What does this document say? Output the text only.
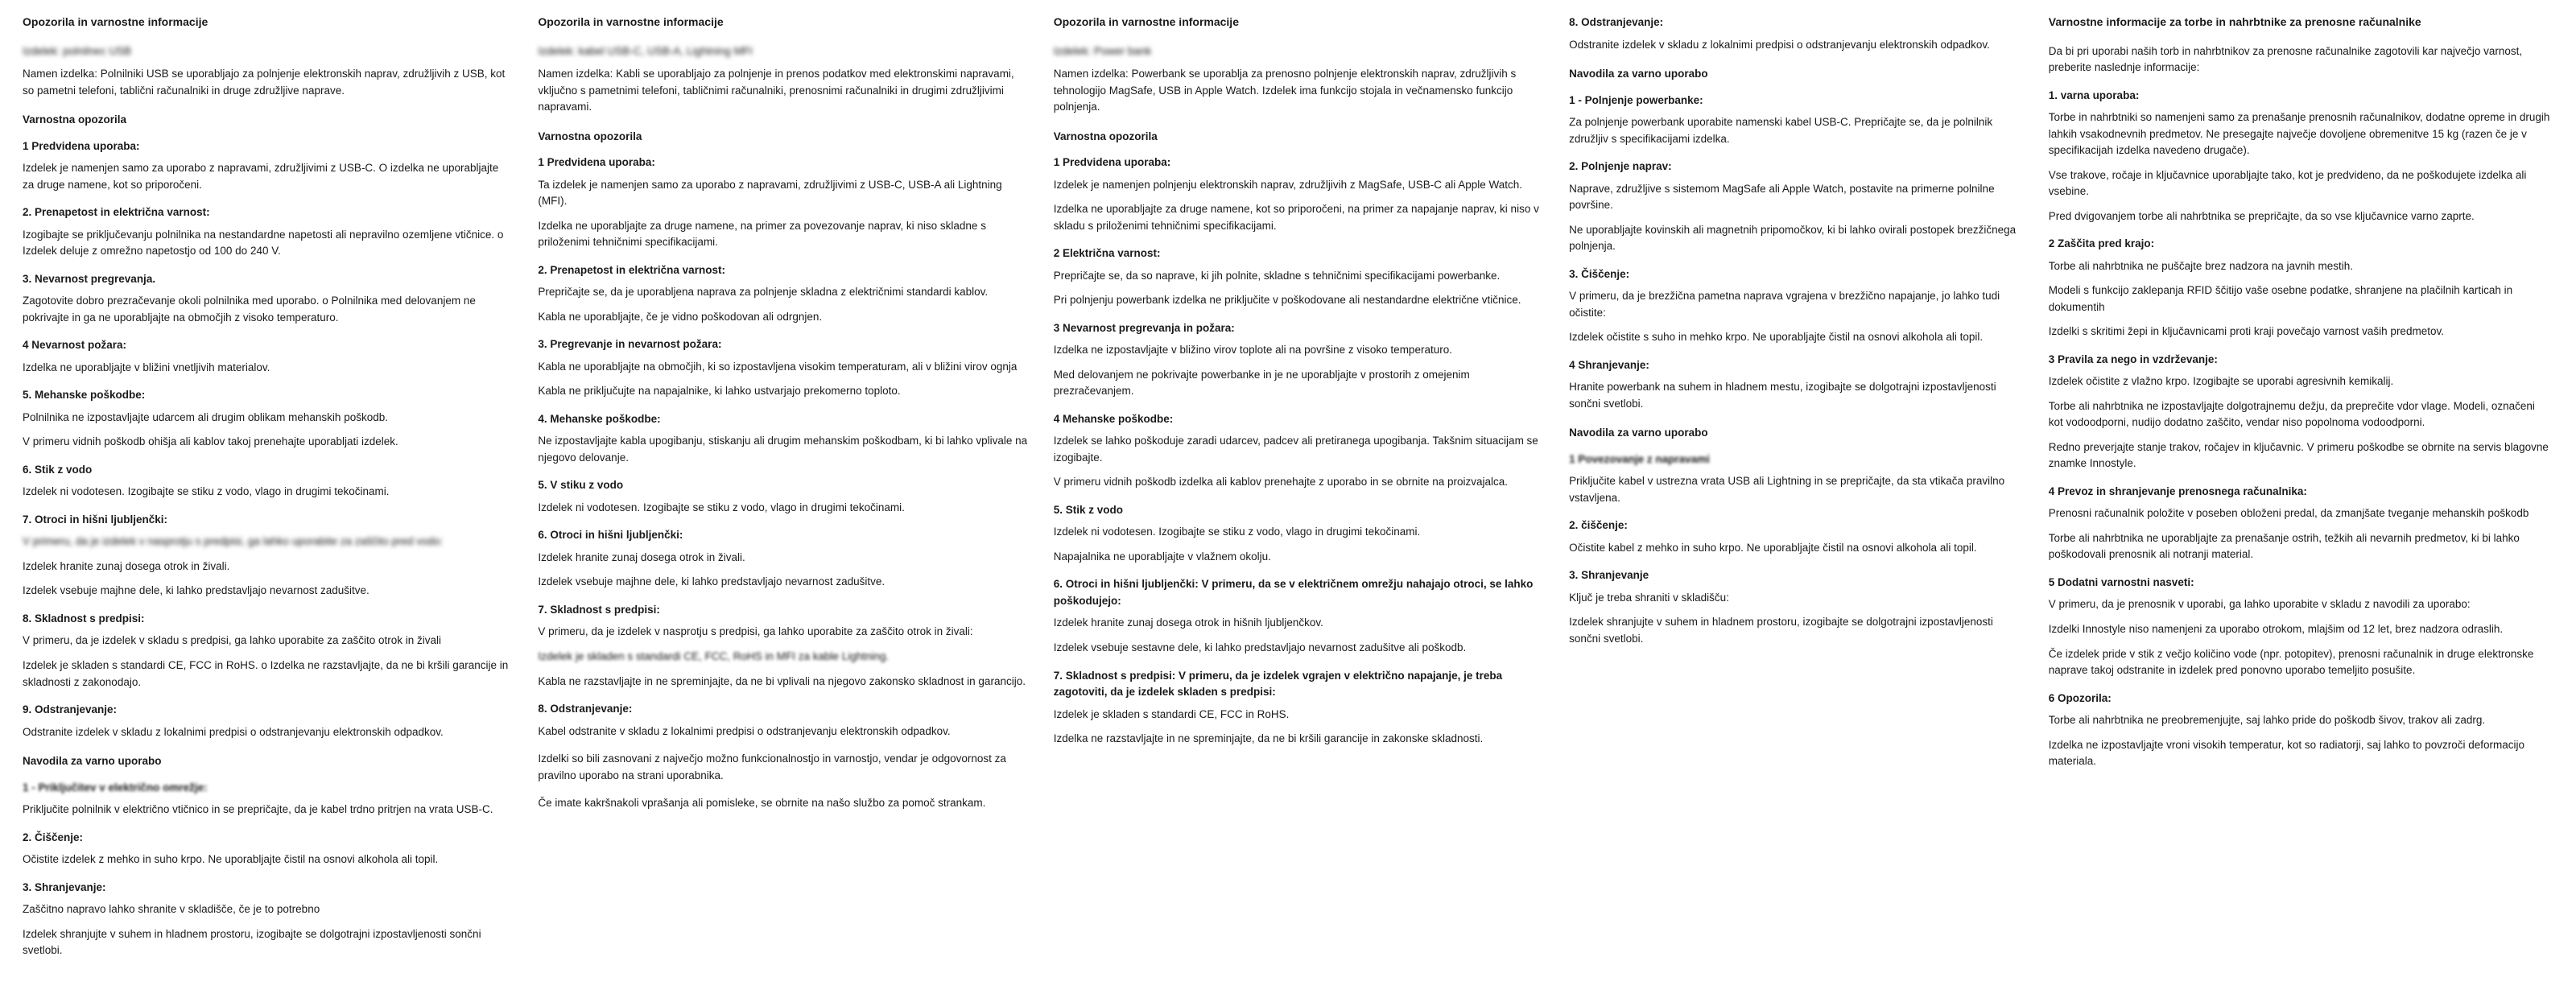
Opozorila in varnostne informacije
Izdelek: polnilnec USB
Namen izdelka: Polnilniki USB se uporabljajo za polnjenje elektronskih naprav, združljivih z USB, kot so pametni telefoni, tablični računalniki in druge združljive naprave.
Varnostna opozorila
1 Predvidena uporaba:
Izdelek je namenjen samo za uporabo z napravami, združljivimi z USB-C. O izdelka ne uporabljajte za druge namene, kot so priporočeni.
2. Prenapetost in električna varnost:
Izogibajte se priključevanju polnilnika na nestandardne napetosti ali nepravilno ozemljene vtičnice. o Izdelek deluje z omrežno napetostjo od 100 do 240 V.
3. Nevarnost pregrevanja.
Zagotovite dobro prezračevanje okoli polnilnika med uporabo. o Polnilnika med delovanjem ne pokrivajte in ga ne uporabljajte na območjih z visoko temperaturo.
4 Nevarnost požara:
Izdelka ne uporabljajte v bližini vnetljivih materialov.
5. Mehanske poškodbe:
Polnilnika ne izpostavljajte udarcem ali drugim oblikam mehanskih poškodb.
V primeru vidnih poškodb ohišja ali kablov takoj prenehajte uporabljati izdelek.
6. Stik z vodo
Izdelek ni vodotesen. Izogibajte se stiku z vodo, vlago in drugimi tekočinami.
7. Otroci in hišni ljubljenčki:
V primeru, da je izdelek v nasprotju s predpisi, ga lahko uporabite za zaščito pred vodo:
Izdelek hranite zunaj dosega otrok in živali.
Izdelek vsebuje majhne dele, ki lahko predstavljajo nevarnost zadušitve.
8. Skladnost s predpisi:
V primeru, da je izdelek v skladu s predpisi, ga lahko uporabite za zaščito otrok in živali
Izdelek je skladen s standardi CE, FCC in RoHS. o Izdelka ne razstavljajte, da ne bi kršili garancije in skladnosti z zakonodajo.
9. Odstranjevanje:
Odstranite izdelek v skladu z lokalnimi predpisi o odstranjevanju elektronskih odpadkov.
Navodila za varno uporabo
1 - Priključitev v električno omrežje:
Priključite polnilnik v električno vtičnico in se prepričajte, da je kabel trdno pritrjen na vrata USB-C.
2. Čiščenje:
Očistite izdelek z mehko in suho krpo. Ne uporabljajte čistil na osnovi alkohola ali topil.
3. Shranjevanje:
Zaščitno napravo lahko shranite v skladišče, če je to potrebno
Izdelek shranjujte v suhem in hladnem prostoru, izogibajte se dolgotrajni izpostavljenosti sončni svetlobi.
Opozorila in varnostne informacije
Izdelek: kabel USB-C, USB-A, Lightning MFI
Namen izdelka: Kabli se uporabljajo za polnjenje in prenos podatkov med elektronskimi napravami, vključno s pametnimi telefoni, tabličnimi računalniki, prenosnimi računalniki in drugimi združljivimi napravami.
Varnostna opozorila
1 Predvidena uporaba:
Ta izdelek je namenjen samo za uporabo z napravami, združljivimi z USB-C, USB-A ali Lightning (MFI).
Izdelka ne uporabljajte za druge namene, na primer za povezovanje naprav, ki niso skladne s priloženimi tehničnimi specifikacijami.
2. Prenapetost in električna varnost:
Prepričajte se, da je uporabljena naprava za polnjenje skladna z električnimi standardi kablov.
Kabla ne uporabljajte, če je vidno poškodovan ali odrgnjen.
3. Pregrevanje in nevarnost požara:
Kabla ne uporabljajte na območjih, ki so izpostavljena visokim temperaturam, ali v bližini virov ognja
Kabla ne priključujte na napajalnike, ki lahko ustvarjajo prekomerno toploto.
4. Mehanske poškodbe:
Ne izpostavljajte kabla upogibanju, stiskanju ali drugim mehanskim poškodbam, ki bi lahko vplivale na njegovo delovanje.
5. V stiku z vodo
Izdelek ni vodotesen. Izogibajte se stiku z vodo, vlago in drugimi tekočinami.
6. Otroci in hišni ljubljenčki:
Izdelek hranite zunaj dosega otrok in živali.
Izdelek vsebuje majhne dele, ki lahko predstavljajo nevarnost zadušitve.
7. Skladnost s predpisi:
V primeru, da je izdelek v nasprotju s predpisi, ga lahko uporabite za zaščito otrok in živali:
Izdelek je skladen s standardi CE, FCC, RoHS in MFI za kable Lightning.
Kabla ne razstavljajte in ne spreminjajte, da ne bi vplivali na njegovo zakonsko skladnost in garancijo.
8. Odstranjevanje:
Kabel odstranite v skladu z lokalnimi predpisi o odstranjevanju elektronskih odpadkov.
Izdelki so bili zasnovani z največjo možno funkcionalnostjo in varnostjo, vendar je odgovornost za pravilno uporabo na strani uporabnika.
Če imate kakršnakoli vprašanja ali pomisleke, se obrnite na našo službo za pomoč strankam.
Opozorila in varnostne informacije
Izdelek: Power bank
Namen izdelka: Powerbank se uporablja za prenosno polnjenje elektronskih naprav, združljivih s tehnologijo MagSafe, USB in Apple Watch. Izdelek ima funkcijo stojala in večnamensko funkcijo polnjenja.
Varnostna opozorila
1 Predvidena uporaba:
Izdelek je namenjen polnjenju elektronskih naprav, združljivih z MagSafe, USB-C ali Apple Watch.
Izdelka ne uporabljajte za druge namene, kot so priporočeni, na primer za napajanje naprav, ki niso v skladu s priloženimi tehničnimi specifikacijami.
2 Električna varnost:
Prepričajte se, da so naprave, ki jih polnite, skladne s tehničnimi specifikacijami powerbanke.
Pri polnjenju powerbank izdelka ne priključite v poškodovane ali nestandardne električne vtičnice.
3 Nevarnost pregrevanja in požara:
Izdelka ne izpostavljajte v bližino virov toplote ali na površine z visoko temperaturo.
Med delovanjem ne pokrivajte powerbanke in je ne uporabljajte v prostorih z omejenim prezračevanjem.
4 Mehanske poškodbe:
Izdelek se lahko poškoduje zaradi udarcev, padcev ali pretiranega upogibanja. Takšnim situacijam se izogibajte.
V primeru vidnih poškodb izdelka ali kablov prenehajte z uporabo in se obrnite na proizvajalca.
5. Stik z vodo
Izdelek ni vodotesen. Izogibajte se stiku z vodo, vlago in drugimi tekočinami.
Napajalnika ne uporabljajte v vlažnem okolju.
6. Otroci in hišni ljubljenčki: V primeru, da se v električnem omrežju nahajajo otroci, se lahko poškodujejo:
Izdelek hranite zunaj dosega otrok in hišnih ljubljenčkov.
Izdelek vsebuje sestavne dele, ki lahko predstavljajo nevarnost zadušitve ali poškodb.
7. Skladnost s predpisi: V primeru, da je izdelek vgrajen v električno napajanje, je treba zagotoviti, da je izdelek skladen s predpisi:
Izdelek je skladen s standardi CE, FCC in RoHS.
Izdelka ne razstavljajte in ne spreminjajte, da ne bi kršili garancije in zakonske skladnosti.
8. Odstranjevanje:
Odstranite izdelek v skladu z lokalnimi predpisi o odstranjevanju elektronskih odpadkov.
Navodila za varno uporabo
1 - Polnjenje powerbanke:
Za polnjenje powerbank uporabite namenski kabel USB-C. Prepričajte se, da je polnilnik združljiv s specifikacijami izdelka.
2. Polnjenje naprav:
Naprave, združljive s sistemom MagSafe ali Apple Watch, postavite na primerne polnilne površine.
Ne uporabljajte kovinskih ali magnetnih pripomočkov, ki bi lahko ovirali postopek brezžičnega polnjenja.
3. Čiščenje:
V primeru, da je brezžična pametna naprava vgrajena v brezžično napajanje, jo lahko tudi očistite:
Izdelek očistite s suho in mehko krpo. Ne uporabljajte čistil na osnovi alkohola ali topil.
4 Shranjevanje:
Hranite powerbank na suhem in hladnem mestu, izogibajte se dolgotrajni izpostavljenosti sončni svetlobi.
Navodila za varno uporabo
1 Povezovanje z napravami
Priključite kabel v ustrezna vrata USB ali Lightning in se prepričajte, da sta vtikača pravilno vstavljena.
2. čiščenje:
Očistite kabel z mehko in suho krpo. Ne uporabljajte čistil na osnovi alkohola ali topil.
3. Shranjevanje
Ključ je treba shraniti v skladišču:
Izdelek shranjujte v suhem in hladnem prostoru, izogibajte se dolgotrajni izpostavljenosti sončni svetlobi.
Varnostne informacije za torbe in nahrbtnike za prenosne računalnike
Da bi pri uporabi naših torb in nahrbtnikov za prenosne računalnike zagotovili kar največjo varnost, preberite naslednje informacije:
1. varna uporaba:
Torbe in nahrbtniki so namenjeni samo za prenašanje prenosnih računalnikov, dodatne opreme in drugih lahkih vsakodnevnih predmetov. Ne presegajte največje dovoljene obremenitve 15 kg (razen če je v specifikacijah izdelka navedeno drugače).
Vse trakove, ročaje in ključavnice uporabljajte tako, kot je predvideno, da ne poškodujete izdelka ali vsebine.
Pred dvigovanjem torbe ali nahrbtnika se prepričajte, da so vse ključavnice varno zaprte.
2 Zaščita pred krajo:
Torbe ali nahrbtnika ne puščajte brez nadzora na javnih mestih.
Modeli s funkcijo zaklepanja RFID ščitijo vaše osebne podatke, shranjene na plačilnih karticah in dokumentih
Izdelki s skritimi žepi in ključavnicami proti kraji povečajo varnost vaših predmetov.
3 Pravila za nego in vzdrževanje:
Izdelek očistite z vlažno krpo. Izogibajte se uporabi agresivnih kemikalij.
Torbe ali nahrbtnika ne izpostavljajte dolgotrajnemu dežju, da preprečite vdor vlage. Modeli, označeni kot vodoodporni, nudijo dodatno zaščito, vendar niso popolnoma vodoodporni.
Redno preverjajte stanje trakov, ročajev in ključavnic. V primeru poškodbe se obrnite na servis blagovne znamke Innostyle.
4 Prevoz in shranjevanje prenosnega računalnika:
Prenosni računalnik položite v poseben obloženi predal, da zmanjšate tveganje mehanskih poškodb
Torbe ali nahrbtnika ne uporabljajte za prenašanje ostrih, težkih ali nevarnih predmetov, ki bi lahko poškodovali prenosnik ali notranji material.
5 Dodatni varnostni nasveti:
V primeru, da je prenosnik v uporabi, ga lahko uporabite v skladu z navodili za uporabo:
Izdelki Innostyle niso namenjeni za uporabo otrokom, mlajšim od 12 let, brez nadzora odraslih.
Če izdelek pride v stik z večjo količino vode (npr. potopitev), prenosni računalnik in druge elektronske naprave takoj odstranite in izdelek pred ponovno uporabo temeljito posušite.
6 Opozorila:
Torbe ali nahrbtnika ne preobremenjujte, saj lahko pride do poškodb šivov, trakov ali zadrg.
Izdelka ne izpostavljajte vroni visokih temperatur, kot so radiatorji, saj lahko to povzroči deformacijo materiala.
